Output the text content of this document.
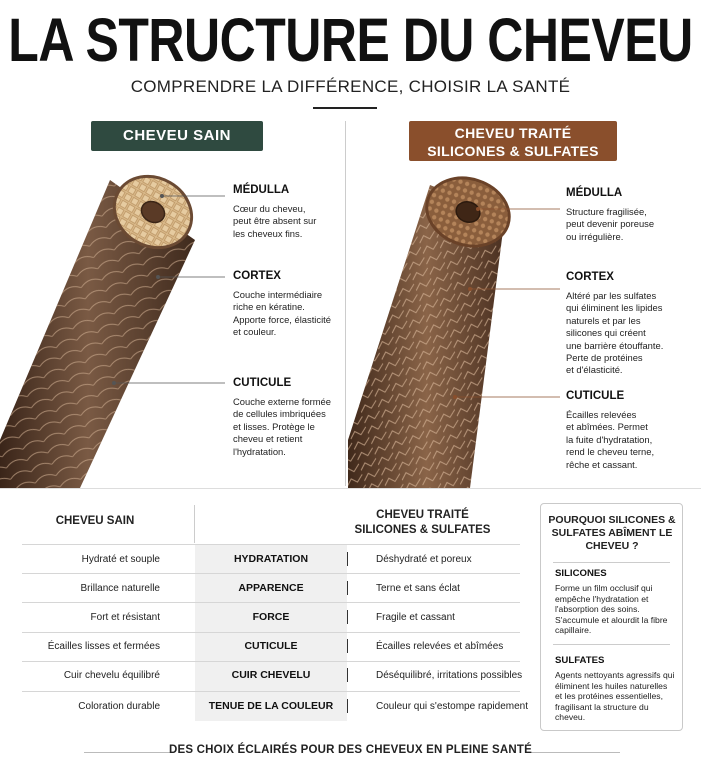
LA STRUCTURE DU CHEVEU
COMPRENDRE LA DIFFÉRENCE, CHOISIR LA SANTÉ
CHEVEU SAIN	CHEVEU TRAITÉ
SILICONES & SULFATES
MÉDULLA
Cœur du cheveu,
peut être absent sur
les cheveux fins.
CORTEX
Couche intermédiaire
riche en kératine.
Apporte force, élasticité
et couleur.
CUTICULE
Couche externe formée
de cellules imbriquées
et lisses. Protège le
cheveu et retient
l'hydratation.
MÉDULLA
Structure fragilisée,
peut devenir poreuse
ou irrégulière.
CORTEX
Altéré par les sulfates
qui éliminent les lipides
naturels et par les
silicones qui créent
une barrière étouffante.
Perte de protéines
et d'élasticité.
CUTICULE
Écailles relevées
et abîmées. Permet
la fuite d'hydratation,
rend le cheveu terne,
rêche et cassant.
CHEVEU SAIN	CHEVEU TRAITÉ
SILICONES & SULFATES
Hydraté et souple	HYDRATATION	Déshydraté et poreux
Brillance naturelle	APPARENCE	Terne et sans éclat
Fort et résistant	FORCE	Fragile et cassant
Écailles lisses et fermées	CUTICULE	Écailles relevées et abîmées
Cuir chevelu équilibré	CUIR CHEVELU	Déséquilibré, irritations possibles
Coloration durable	TENUE DE LA COULEUR	Couleur qui s'estompe rapidement
POURQUOI SILICONES & SULFATES ABÎMENT LE CHEVEU ?
SILICONES
Forme un film occlusif qui empêche l'hydratation et l'absorption des soins. S'accumule et alourdit la fibre capillaire.
SULFATES
Agents nettoyants agressifs qui éliminent les huiles naturelles et les protéines essentielles, fragilisant la structure du cheveu.
DES CHOIX ÉCLAIRÉS POUR DES CHEVEUX EN PLEINE SANTÉ
